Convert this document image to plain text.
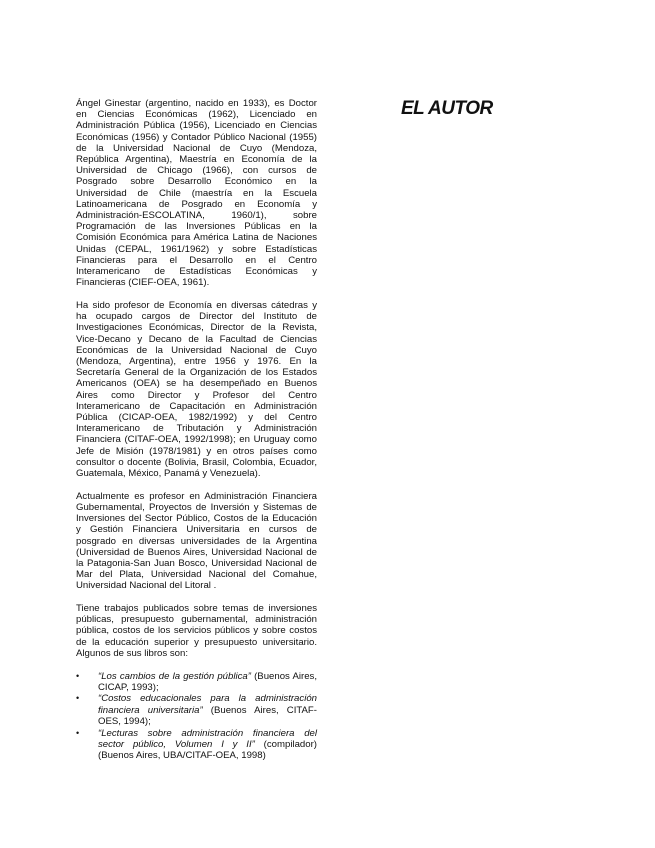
EL AUTOR

Ángel Ginestar (argentino, nacido en 1933), es Doctor en Ciencias Económicas (1962), Licenciado en Administración Pública (1956), Licenciado en Ciencias Económicas (1956) y Contador Público Nacional (1955) de la Universidad Nacional de Cuyo (Mendoza, República Argentina), Maestría en Economía de la Universidad de Chicago (1966), con cursos de Posgrado sobre Desarrollo Económico en la Universidad de Chile (maestría en la Escuela Latinoamericana de Posgrado en Economía y Administración-ESCOLATINA, 1960/1), sobre Programación de las Inversiones Públicas en la Comisión Económica para América Latina de Naciones Unidas (CEPAL, 1961/1962) y sobre Estadísticas Financieras para el Desarrollo en el Centro Interamericano de Estadísticas Económicas y Financieras (CIEF-OEA, 1961).

Ha sido profesor de Economía en diversas cátedras y ha ocupado cargos de Director del Instituto de Investigaciones Económicas, Director de la Revista, Vice-Decano y Decano de la Facultad de Ciencias Económicas de la Universidad Nacional de Cuyo (Mendoza, Argentina), entre 1956 y 1976. En la Secretaría General de la Organización de los Estados Americanos (OEA) se ha desempeñado en Buenos Aires como Director y Profesor del Centro Interamericano de Capacitación en Administración Pública (CICAP-OEA, 1982/1992) y del Centro Interamericano de Tributación y Administración Financiera (CITAF-OEA, 1992/1998); en Uruguay como Jefe de Misión (1978/1981) y en otros países como consultor o docente (Bolivia, Brasil, Colombia, Ecuador, Guatemala, México, Panamá y Venezuela).

Actualmente es profesor en Administración Financiera Gubernamental, Proyectos de Inversión y Sistemas de Inversiones del Sector Público, Costos de la Educación y Gestión Financiera Universitaria en cursos de posgrado en diversas universidades de la Argentina (Universidad de Buenos Aires, Universidad Nacional de la Patagonia-San Juan Bosco, Universidad Nacional de Mar del Plata, Universidad Nacional del Comahue, Universidad Nacional del Litoral .

Tiene trabajos publicados sobre temas de inversiones públicas, presupuesto gubernamental, administración pública, costos de los servicios públicos y sobre costos de la educación superior y presupuesto universitario. Algunos de sus libros son:

• “Los cambios de la gestión pública” (Buenos Aires, CICAP, 1993);
• “Costos educacionales para la administración financiera universitaria” (Buenos Aires, CITAF-OES, 1994);
• “Lecturas sobre administración financiera del sector público, Volumen I y II” (compilador) (Buenos Aires, UBA/CITAF-OEA, 1998)
